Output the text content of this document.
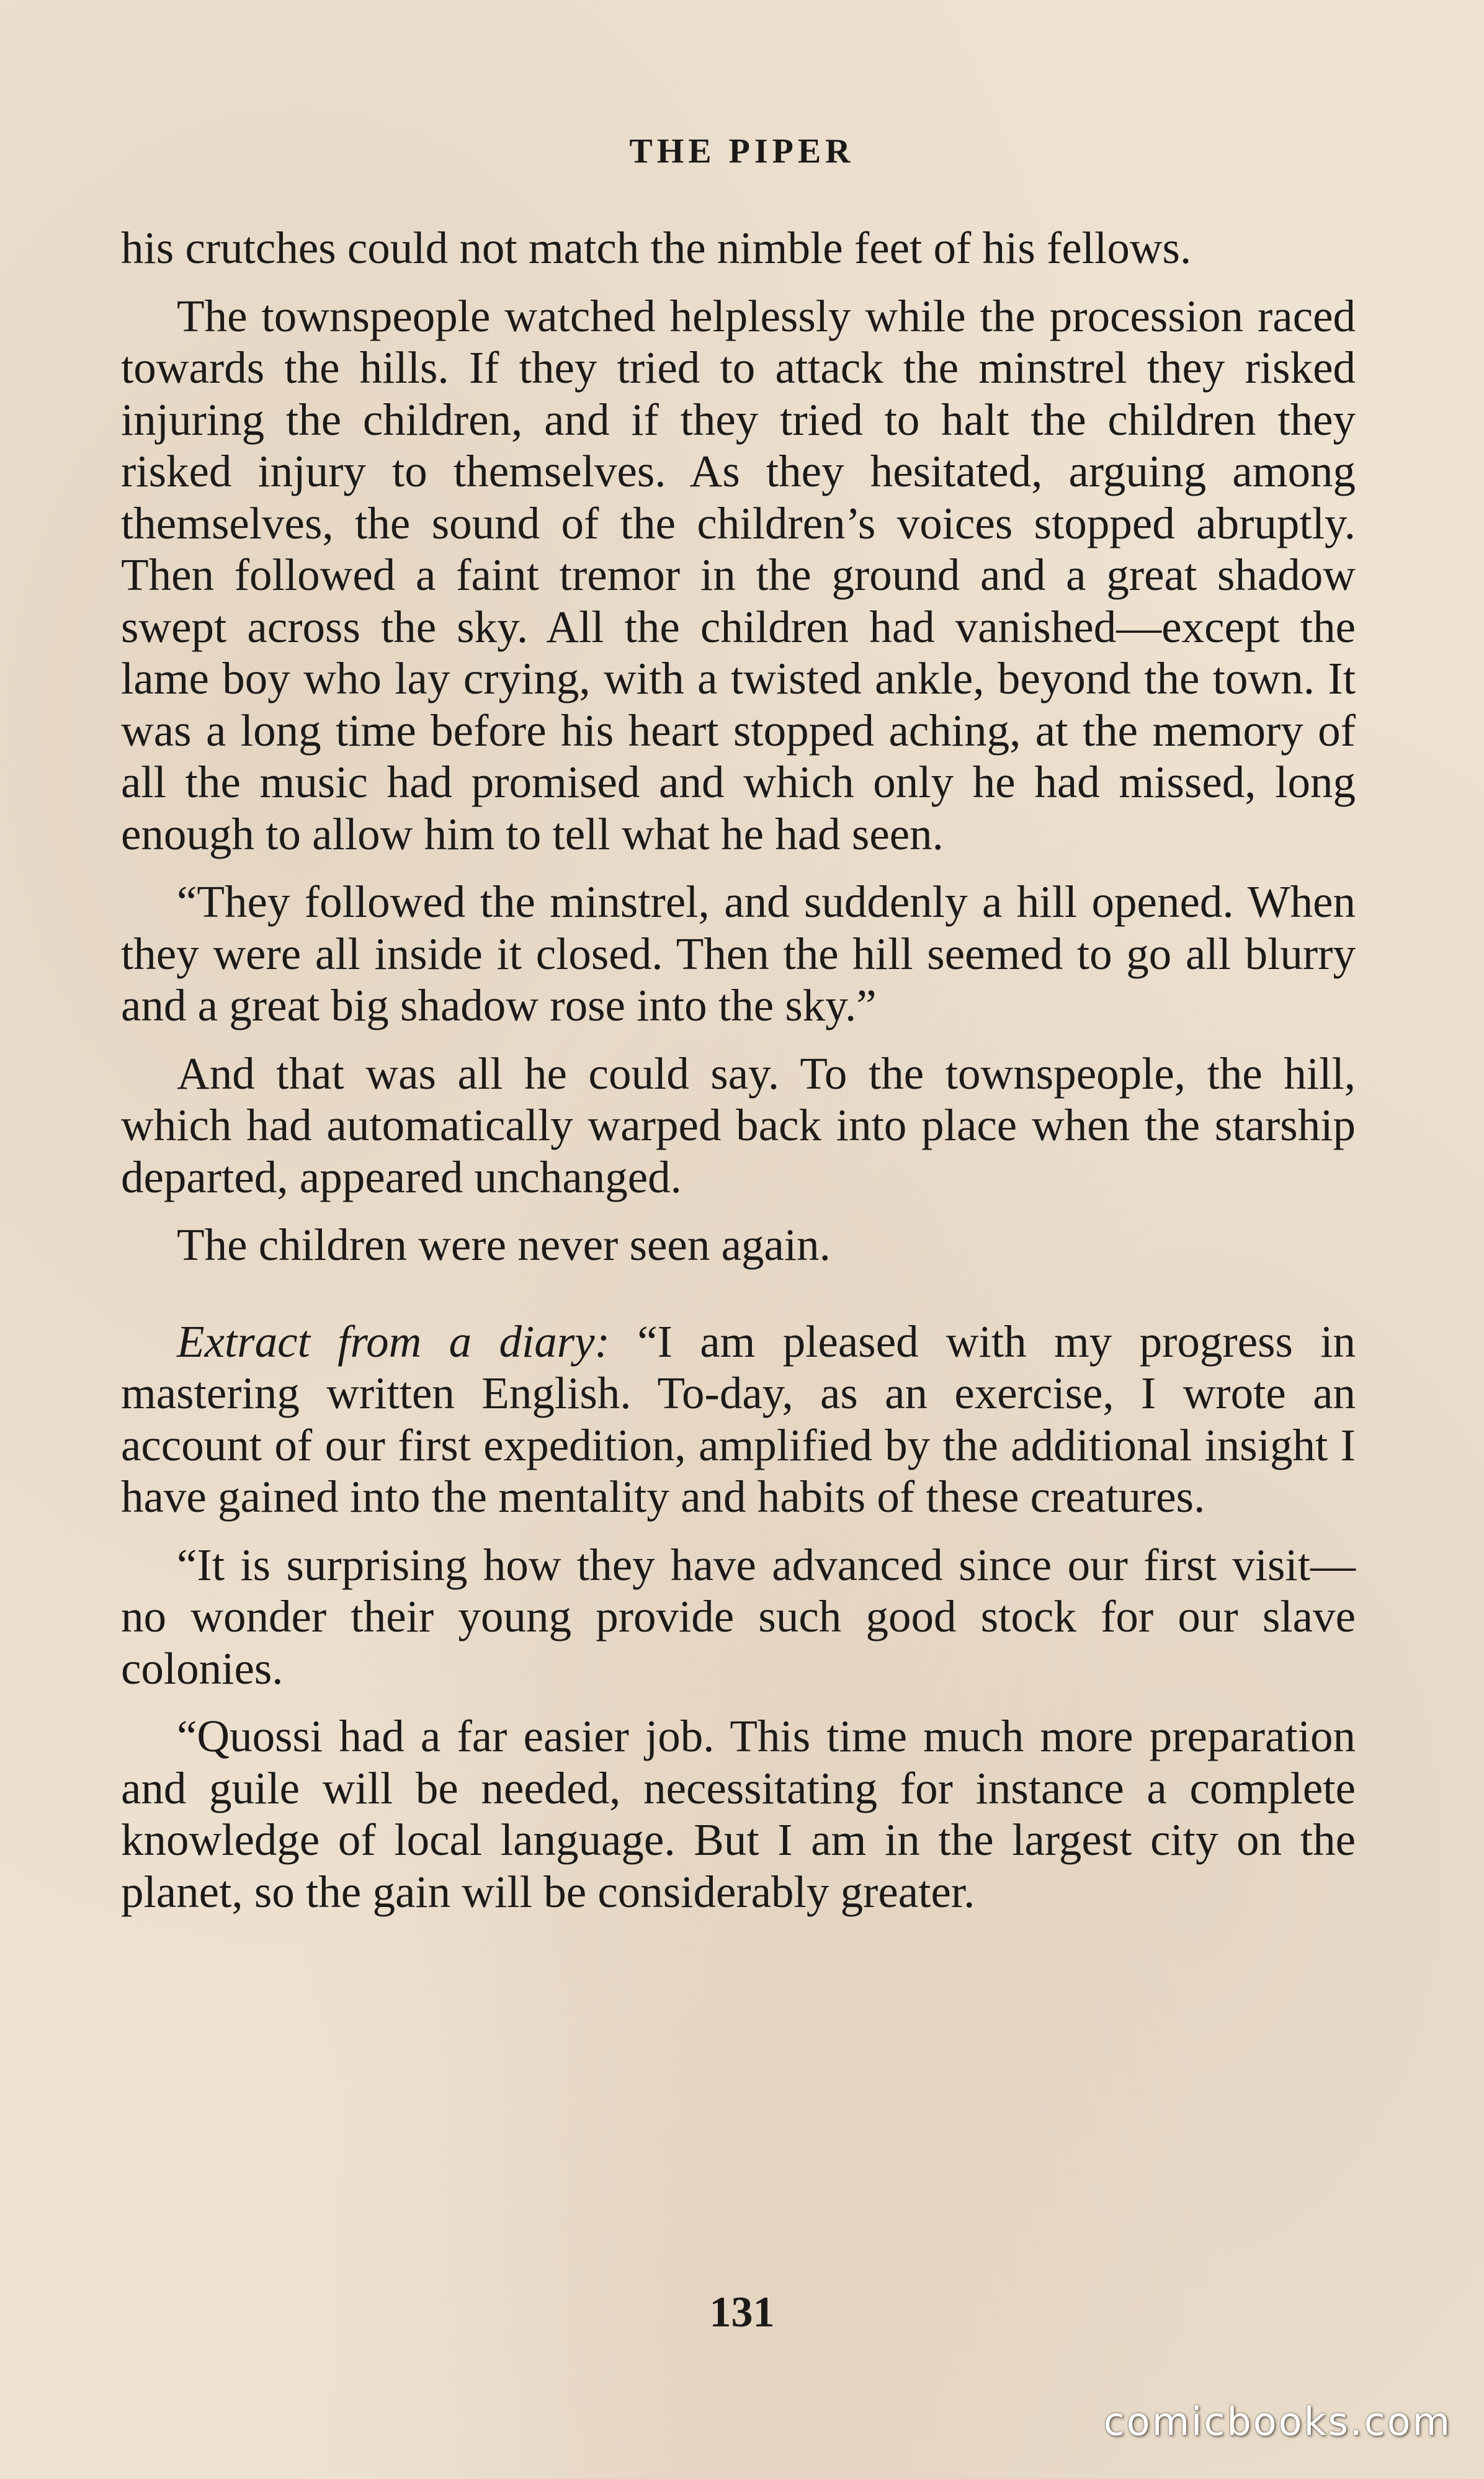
THE PIPER

his crutches could not match the nimble feet of his fellows.

The townspeople watched helplessly while the procession raced towards the hills. If they tried to attack the minstrel they risked injuring the children, and if they tried to halt the children they risked injury to themselves. As they hesitated, arguing among themselves, the sound of the children’s voices stopped abruptly. Then followed a faint tremor in the ground and a great shadow swept across the sky. All the children had vanished—except the lame boy who lay crying, with a twisted ankle, beyond the town. It was a long time before his heart stopped aching, at the memory of all the music had promised and which only he had missed, long enough to allow him to tell what he had seen.

“They followed the minstrel, and suddenly a hill opened. When they were all inside it closed. Then the hill seemed to go all blurry and a great big shadow rose into the sky.”

And that was all he could say. To the townspeople, the hill, which had automatically warped back into place when the starship departed, appeared unchanged.

The children were never seen again.

Extract from a diary: “I am pleased with my progress in mastering written English. To-day, as an exercise, I wrote an account of our first expedition, amplified by the additional insight I have gained into the mentality and habits of these creatures.

“It is surprising how they have advanced since our first visit—no wonder their young provide such good stock for our slave colonies.

“Quossi had a far easier job. This time much more preparation and guile will be needed, necessitating for instance a complete knowledge of local language. But I am in the largest city on the planet, so the gain will be considerably greater.

131
comicbooks.com
